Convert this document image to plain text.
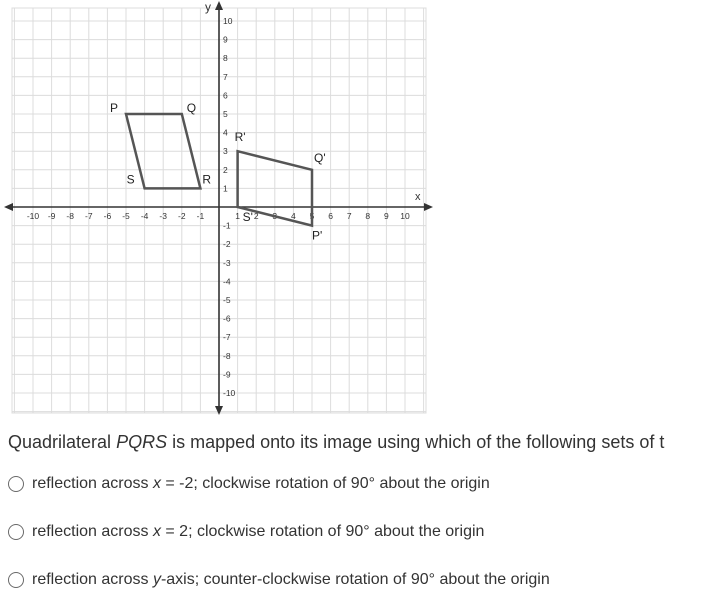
x
y
-10 -9 -8 -7 -6 -5 -4 -3 -2 -1	1 2 3 4 5 6 7 8 9 10
10
9
8
7
6
5
4
3
2
1
-1
-2
-3
-4
-5
-6
-7
-8
-9
-10
P	Q
R
S
P'
Q'
R'
S'
Quadrilateral PQRS is mapped onto its image using which of the following sets of t
reflection across x = -2; clockwise rotation of 90° about the origin
reflection across x = 2; clockwise rotation of 90° about the origin
reflection across y-axis; counter-clockwise rotation of 90° about the origin
